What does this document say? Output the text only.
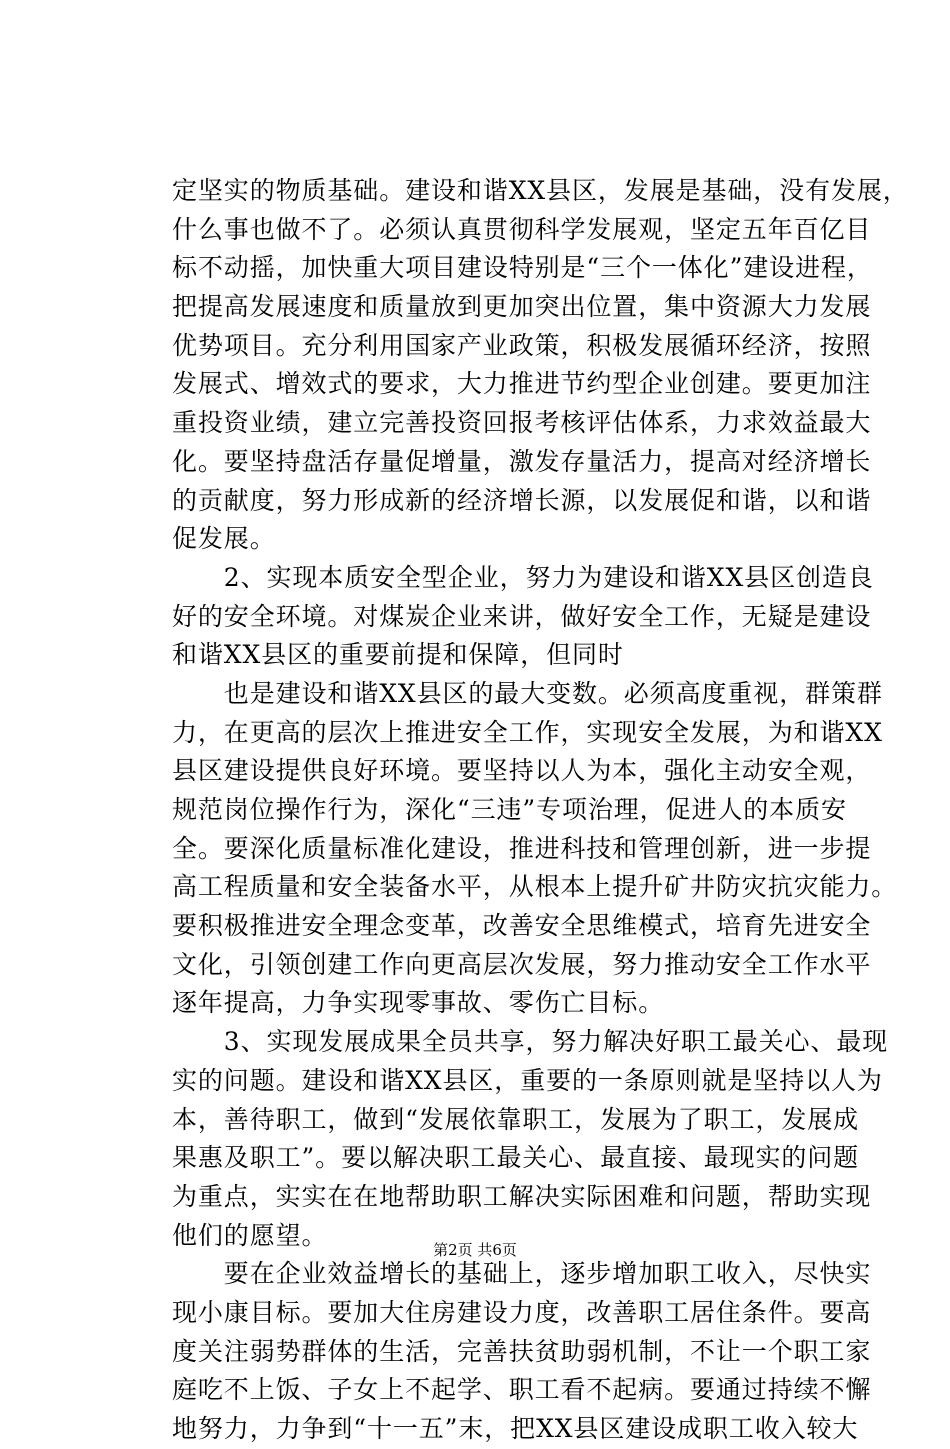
定坚实的物质基础。建设和谐XX县区，发展是基础，没有发展，
什么事也做不了。必须认真贯彻科学发展观，坚定五年百亿目
标不动摇，加快重大项目建设特别是“三个一体化”建设进程，
把提高发展速度和质量放到更加突出位置，集中资源大力发展
优势项目。充分利用国家产业政策，积极发展循环经济，按照
发展式、增效式的要求，大力推进节约型企业创建。要更加注
重投资业绩，建立完善投资回报考核评估体系，力求效益最大
化。要坚持盘活存量促增量，激发存量活力，提高对经济增长
的贡献度，努力形成新的经济增长源，以发展促和谐，以和谐
促发展。
　　2、实现本质安全型企业，努力为建设和谐XX县区创造良
好的安全环境。对煤炭企业来讲，做好安全工作，无疑是建设
和谐XX县区的重要前提和保障，但同时
　　也是建设和谐XX县区的最大变数。必须高度重视，群策群
力，在更高的层次上推进安全工作，实现安全发展，为和谐XX
县区建设提供良好环境。要坚持以人为本，强化主动安全观，
规范岗位操作行为，深化“三违”专项治理，促进人的本质安
全。要深化质量标准化建设，推进科技和管理创新，进一步提
高工程质量和安全装备水平，从根本上提升矿井防灾抗灾能力。
要积极推进安全理念变革，改善安全思维模式，培育先进安全
文化，引领创建工作向更高层次发展，努力推动安全工作水平
逐年提高，力争实现零事故、零伤亡目标。
　　3、实现发展成果全员共享，努力解决好职工最关心、最现
实的问题。建设和谐XX县区，重要的一条原则就是坚持以人为
本，善待职工，做到“发展依靠职工，发展为了职工，发展成
果惠及职工”。要以解决职工最关心、最直接、最现实的问题
为重点，实实在在地帮助职工解决实际困难和问题，帮助实现
他们的愿望。
　　要在企业效益增长的基础上，逐步增加职工收入，尽快实
现小康目标。要加大住房建设力度，改善职工居住条件。要高
度关注弱势群体的生活，完善扶贫助弱机制，不让一个职工家
庭吃不上饭、子女上不起学、职工看不起病。要通过持续不懈
地努力，力争到“十一五”末，把XX县区建设成职工收入较大
第2页 共6页
